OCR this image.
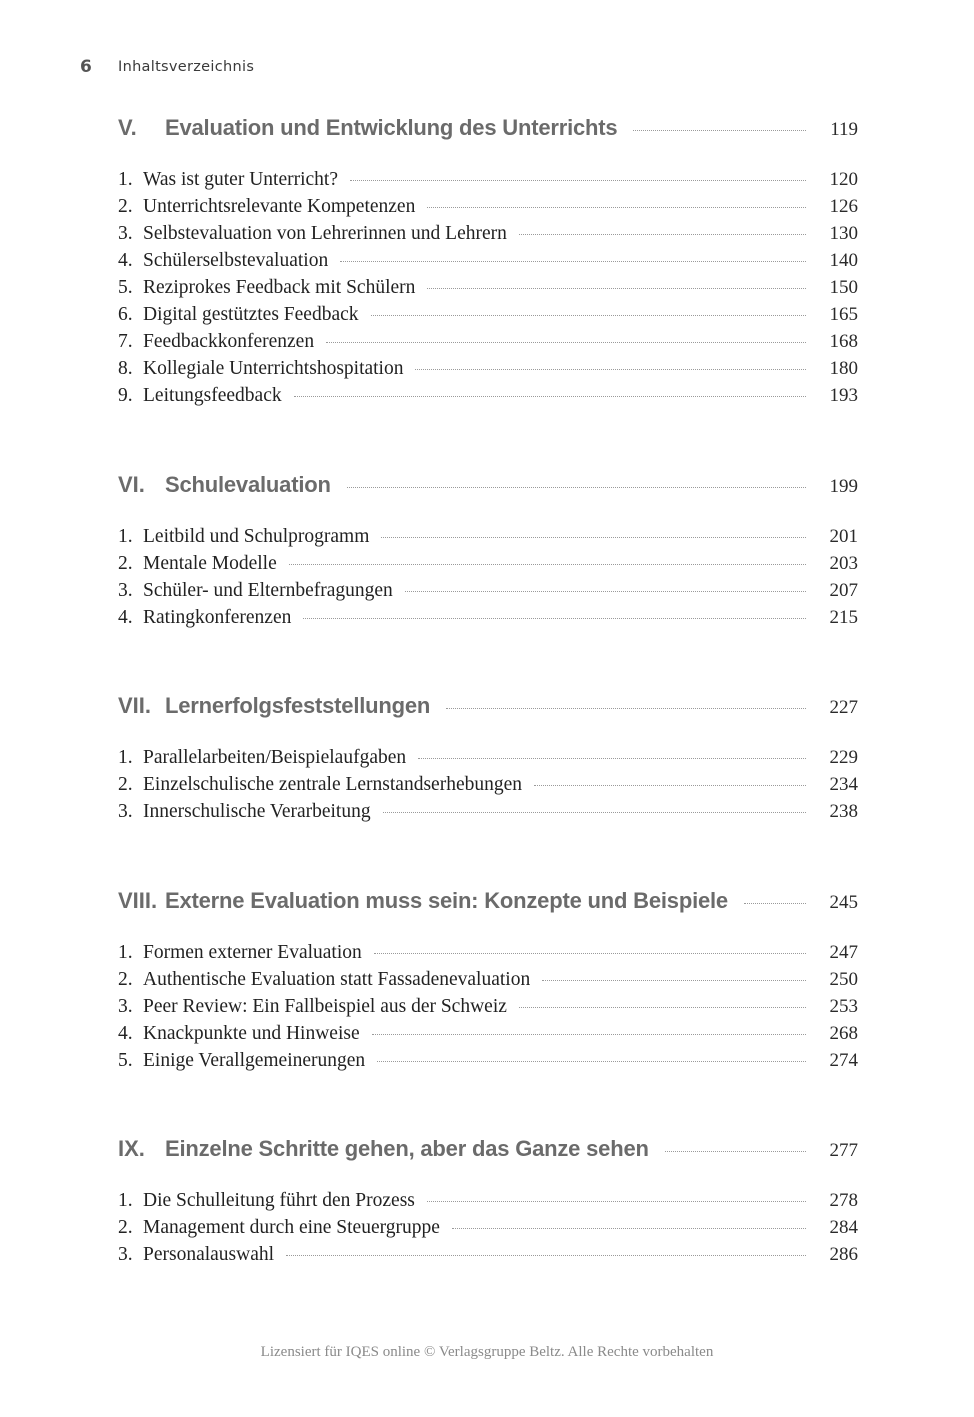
6	Inhaltsverzeichnis
V.	Evaluation und Entwicklung des Unterrichts	119
1. Was ist guter Unterricht?	120
2. Unterrichtsrelevante Kompetenzen	126
3. Selbstevaluation von Lehrerinnen und Lehrern	130
4. Schülerselbstevaluation	140
5. Reziprokes Feedback mit Schülern	150
6. Digital gestütztes Feedback	165
7. Feedbackkonferenzen	168
8. Kollegiale Unterrichtshospitation	180
9. Leitungsfeedback	193
VI. Schulevaluation	199
1. Leitbild und Schulprogramm	201
2. Mentale Modelle	203
3. Schüler- und Elternbefragungen	207
4. Ratingkonferenzen	215
VII. Lernerfolgsfeststellungen	227
1. Parallelarbeiten/Beispielaufgaben	229
2. Einzelschulische zentrale Lernstandserhebungen	234
3. Innerschulische Verarbeitung	238
VIII. Externe Evaluation muss sein: Konzepte und Beispiele	245
1. Formen externer Evaluation	247
2. Authentische Evaluation statt Fassadenevaluation	250
3. Peer Review: Ein Fallbeispiel aus der Schweiz	253
4. Knackpunkte und Hinweise	268
5. Einige Verallgemeinerungen	274
IX. Einzelne Schritte gehen, aber das Ganze sehen	277
1. Die Schulleitung führt den Prozess	278
2. Management durch eine Steuergruppe	284
3. Personalauswahl	286
Lizensiert für IQES online © Verlagsgruppe Beltz. Alle Rechte vorbehalten
